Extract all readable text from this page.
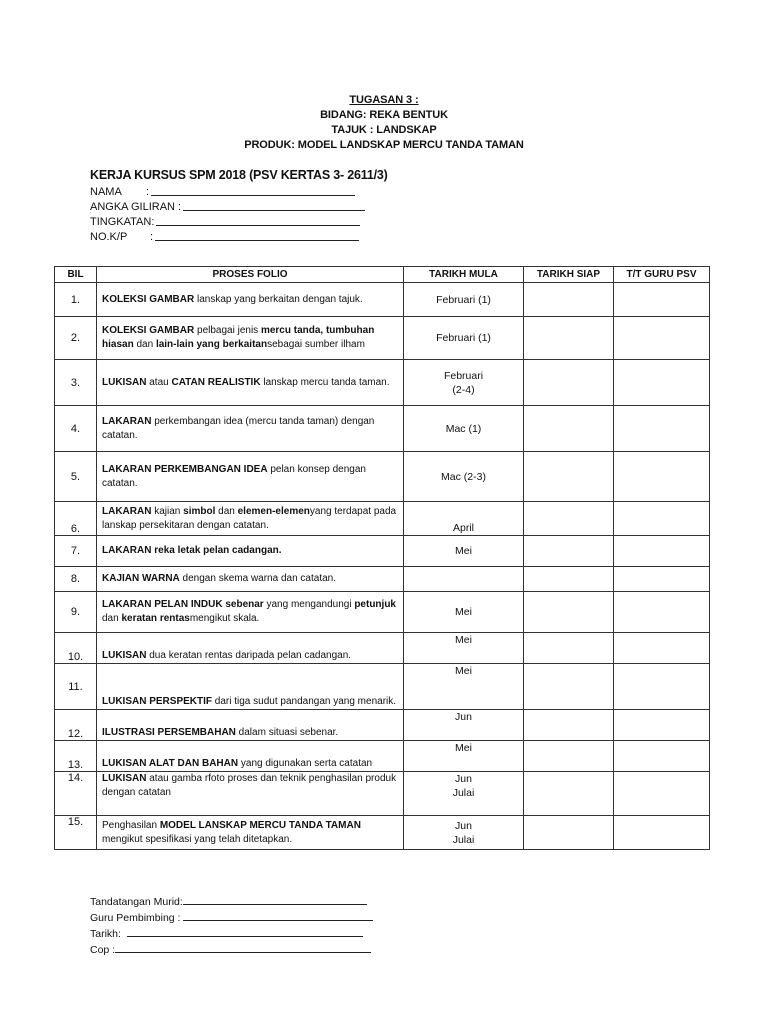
TUGASAN 3 :
BIDANG: REKA BENTUK
TAJUK : LANDSKAP
PRODUK: MODEL LANDSKAP MERCU TANDA TAMAN
KERJA KURSUS SPM 2018 (PSV KERTAS 3- 2611/3)
NAMA	:
ANGKA GILIRAN :
TINGKATAN:
NO.K/P	:
BIL	PROSES FOLIO	TARIKH MULA	TARIKH SIAP	T/T GURU PSV
1.	KOLEKSI GAMBAR lanskap yang berkaitan dengan tajuk.	Februari (1)		
2.	KOLEKSI GAMBAR pelbagai jenis mercu tanda, tumbuhan hiasan dan lain-lain yang berkaitansebagai sumber ilham	Februari (1)		
3.	LUKISAN atau CATAN REALISTIK lanskap mercu tanda taman.	Februari
(2-4)		

4.	LAKARAN perkembangan idea (mercu tanda taman) dengan catatan.	Mac (1)		
5.	LAKARAN PERKEMBANGAN IDEA pelan konsep dengan catatan.	Mac (2-3)		
6.	LAKARAN kajian simbol dan elemen-elemenyang terdapat pada lanskap persekitaran dengan catatan.	April		
7.	LAKARAN reka letak pelan cadangan.	Mei		
8.	KAJIAN WARNA dengan skema warna dan catatan.			
9.	LAKARAN PELAN INDUK sebenar yang mengandungi petunjuk dan keratan rentasmengikut skala.	Mei		
10.	LUKISAN dua keratan rentas daripada pelan cadangan.	Mei		
11.	LUKISAN PERSPEKTIF dari tiga sudut pandangan yang menarik.	Mei		
12.	ILUSTRASI PERSEMBAHAN dalam situasi sebenar.	Jun		
13.	LUKISAN ALAT DAN BAHAN yang digunakan serta catatan	Mei		
14.	LUKISAN atau gamba rfoto proses dan teknik penghasilan produk dengan catatan	Jun
Julai		

15.	Penghasilan MODEL LANSKAP MERCU TANDA TAMAN mengikut spesifikasi yang telah ditetapkan.	Jun
Julai		

Tandatangan Murid:
Guru Pembimbing :
Tarikh:
Cop :
